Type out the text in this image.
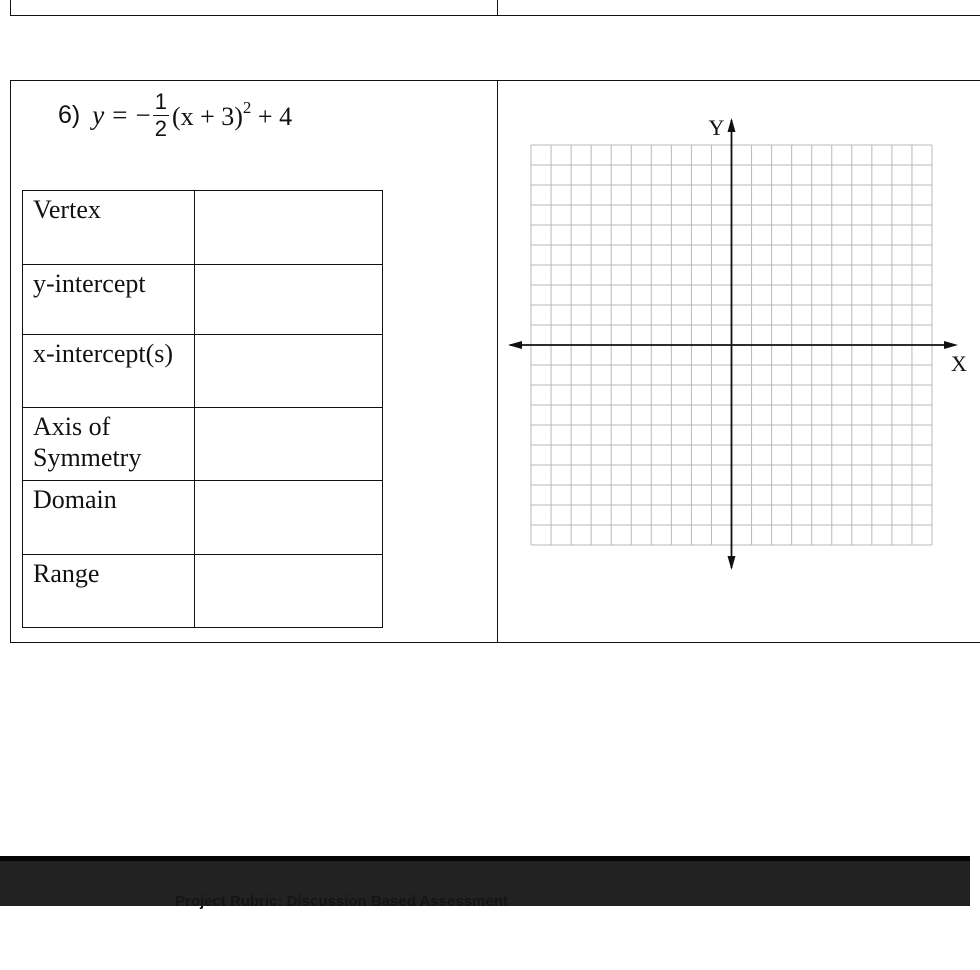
6) y = − $\frac{1}{2} (x + 3)^2 + 4$
Vertex	
y-intercept	
x-intercept(s)	
Axis of Symmetry	
Domain	
Range	
X
Y
Project Rubric: Discussion Based Assessment
